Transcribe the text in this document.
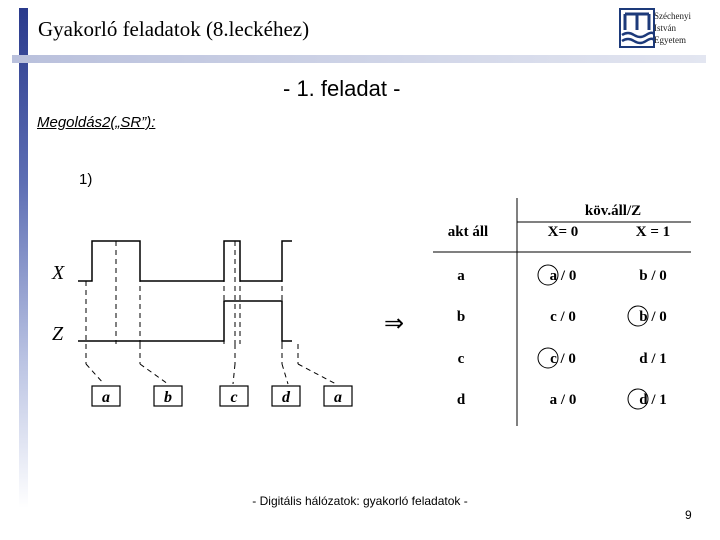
Gyakorló feladatok (8.leckéhez)
Széchenyi
István
Egyetem
- 1. feladat -
Megoldás2(„SR”):
1)
X
Z
a	b	c	d	a
⇒
köv.áll/Z
akt áll	X= 0	X = 1
a	a / 0	b / 0
b	c / 0	b / 0
c	c / 0	d / 1
d	a / 0	d / 1
- Digitális hálózatok: gyakorló feladatok -
9
